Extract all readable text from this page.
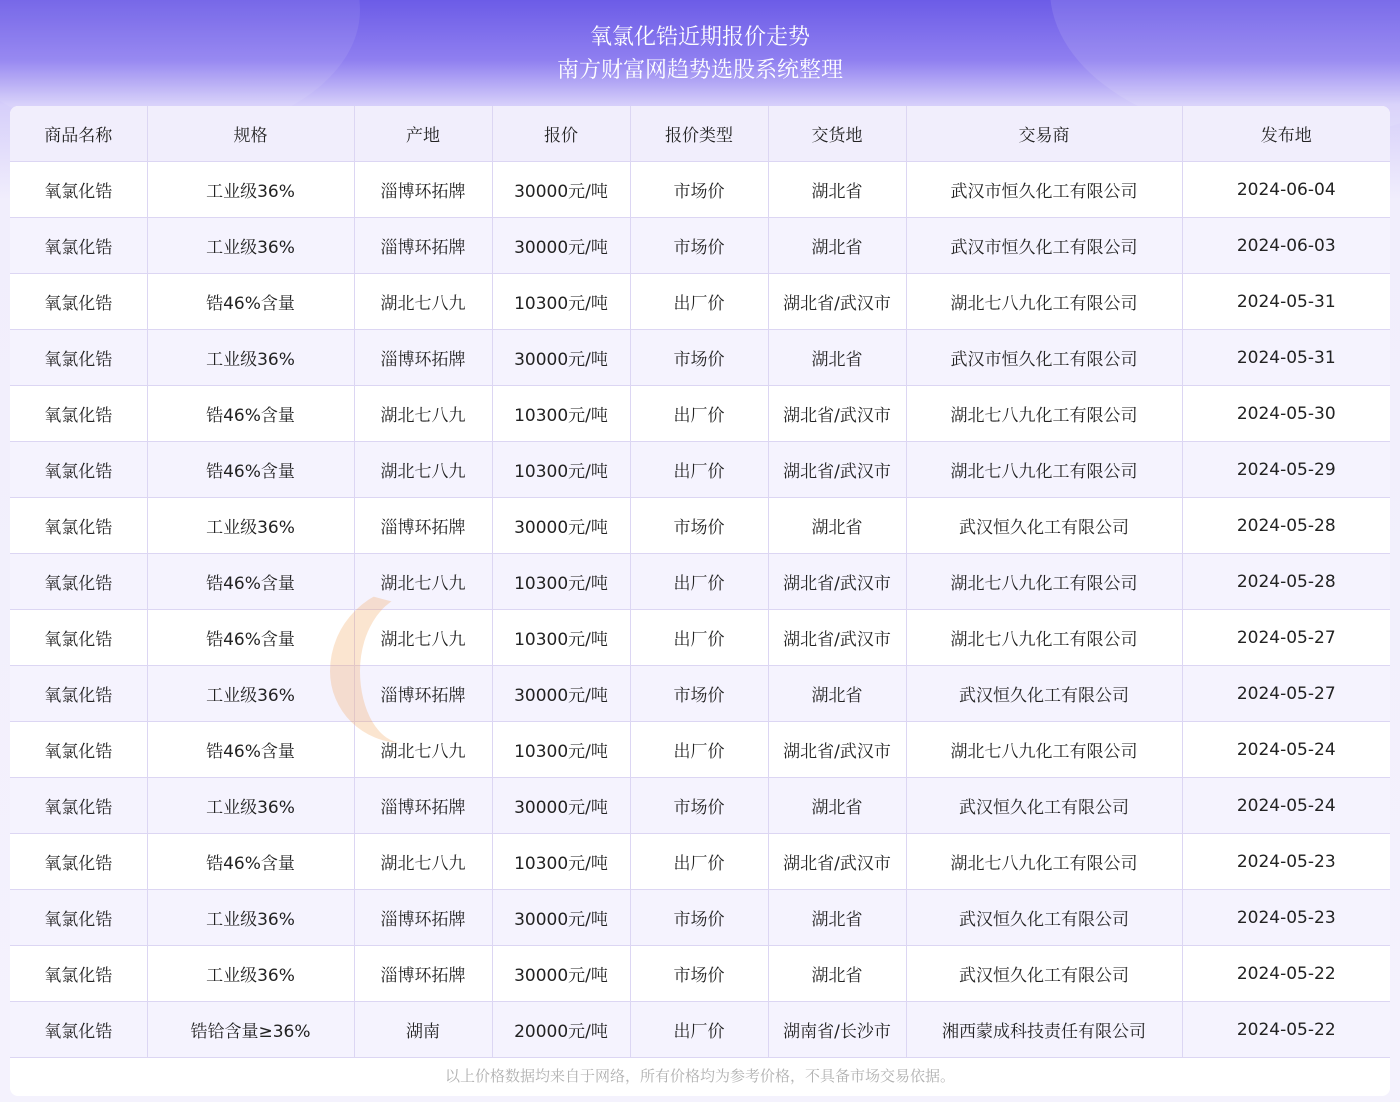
氧氯化锆近期报价走势
南方财富网趋势选股系统整理
商品名称	规格	产地	报价	报价类型	交货地	交易商	发布地
氧氯化锆	工业级36%	淄博环拓牌	30000元/吨	市场价	湖北省	武汉市恒久化工有限公司	2024-06-04
氧氯化锆	工业级36%	淄博环拓牌	30000元/吨	市场价	湖北省	武汉市恒久化工有限公司	2024-06-03
氧氯化锆	锆46%含量	湖北七八九	10300元/吨	出厂价	湖北省/武汉市	湖北七八九化工有限公司	2024-05-31
氧氯化锆	工业级36%	淄博环拓牌	30000元/吨	市场价	湖北省	武汉市恒久化工有限公司	2024-05-31
氧氯化锆	锆46%含量	湖北七八九	10300元/吨	出厂价	湖北省/武汉市	湖北七八九化工有限公司	2024-05-30
氧氯化锆	锆46%含量	湖北七八九	10300元/吨	出厂价	湖北省/武汉市	湖北七八九化工有限公司	2024-05-29
氧氯化锆	工业级36%	淄博环拓牌	30000元/吨	市场价	湖北省	武汉恒久化工有限公司	2024-05-28
氧氯化锆	锆46%含量	湖北七八九	10300元/吨	出厂价	湖北省/武汉市	湖北七八九化工有限公司	2024-05-28
氧氯化锆	锆46%含量	湖北七八九	10300元/吨	出厂价	湖北省/武汉市	湖北七八九化工有限公司	2024-05-27
氧氯化锆	工业级36%	淄博环拓牌	30000元/吨	市场价	湖北省	武汉恒久化工有限公司	2024-05-27
氧氯化锆	锆46%含量	湖北七八九	10300元/吨	出厂价	湖北省/武汉市	湖北七八九化工有限公司	2024-05-24
氧氯化锆	工业级36%	淄博环拓牌	30000元/吨	市场价	湖北省	武汉恒久化工有限公司	2024-05-24
氧氯化锆	锆46%含量	湖北七八九	10300元/吨	出厂价	湖北省/武汉市	湖北七八九化工有限公司	2024-05-23
氧氯化锆	工业级36%	淄博环拓牌	30000元/吨	市场价	湖北省	武汉恒久化工有限公司	2024-05-23
氧氯化锆	工业级36%	淄博环拓牌	30000元/吨	市场价	湖北省	武汉恒久化工有限公司	2024-05-22
氧氯化锆	锆铪含量≥36%	湖南	20000元/吨	出厂价	湖南省/长沙市	湘西蒙成科技责任有限公司	2024-05-22
以上价格数据均来自于网络，所有价格均为参考价格，不具备市场交易依据。
